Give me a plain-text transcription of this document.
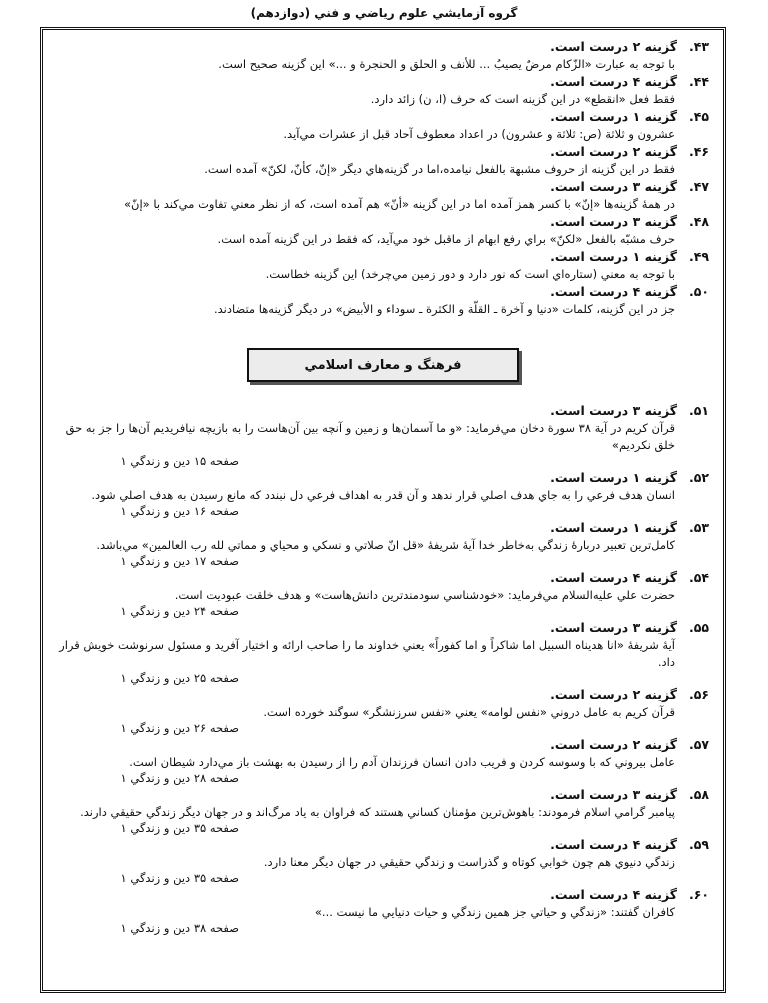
گروه آزمايشي علوم رياضي و فني (دوازدهم)
۴۳.گزينه ۲ درست است.
با توجه به عبارت «الزّكام مرضٌ يصيبُ ... للأنف و الحلق و الحنجرة و ...» اين گزينه صحيح است.
۴۴.گزينه ۴ درست است.
فقط فعل «انقطع» در اين گزينه است كه حرف (ا، ن) زائد دارد.
۴۵.گزينه ۱ درست است.
عشرون و ثلاثة (ص: ثلاثة و عشرون) در اعداد معطوف آحاد قبل از عشرات مي‌آيد.
۴۶.گزينه ۲ درست است.
فقط در اين گزينه از حروف مشبهة بالفعل نيامده،اما در گزينه‌هاي ديگر «إنّ، كأنّ، لكنّ» آمده است.
۴۷.گزينه ۳ درست است.
در همهٔ گزينه‌ها «إنّ» با كسر همز آمده اما در اين گزينه «أنّ» هم آمده است، كه از نظر معني تفاوت مي‌كند با «إنّ»
۴۸.گزينه ۳ درست است.
حرف مشبّه بالفعل «لكنّ» براي رفع ابهام از ماقبل خود مي‌آيد، كه فقط در اين گزينه آمده است.
۴۹.گزينه ۱ درست است.
با توجه به معني (ستاره‌اي است كه نور دارد و دور زمين مي‌چرخد) اين گزينه خطاست.
۵۰.گزينه ۴ درست است.
جز در اين گزينه، كلمات «دنيا و آخرة ـ القلّة و الكثرة ـ سوداء و الأبيض» در ديگر گزينه‌ها متضادند.
فرهنگ و معارف اسلامي
۵۱.گزينه ۳ درست است.
قرآن كريم در آية ۳۸ سورة دخان مي‌فرمايد: «و ما آسمان‌ها و زمين و آنچه بين آن‌هاست را به بازيچه نيافريديم آن‌ها را جز به حق خلق نكرديم»
صفحه ۱۵ دين و زندگي ۱
۵۲.گزينه ۱ درست است.
انسان هدف فرعي را به جاي هدف اصلي قرار ندهد و آن قدر به اهداف فرعي دل نبندد كه مانع رسيدن به هدف اصلي شود.
صفحه ۱۶ دين و زندگي ۱
۵۳.گزينه ۱ درست است.
كامل‌ترين تعبير دربارهٔ زندگي به‌خاطر خدا آيهٔ شريفهٔ «قل انّ صلاتي و نسكي و محياي و مماتي لله رب العالمين» مي‌باشد.
صفحه ۱۷ دين و زندگي ۱
۵۴.گزينه ۴ درست است.
حضرت علي عليه‌السلام مي‌فرمايد: «خودشناسي سودمندترين دانش‌هاست» و هدف خلقت عبوديت است.
صفحه ۲۴ دين و زندگي ۱
۵۵.گزينه ۳ درست است.
آيهٔ شريفهٔ «انا هديناه السبيل اما شاكراً و اما كفوراً» يعني خداوند ما را صاحب ارائه و اختيار آفريد و مسئول سرنوشت خويش قرار داد.
صفحه ۲۵ دين و زندگي ۱
۵۶.گزينه ۲ درست است.
قرآن كريم به عامل دروني «نفس لوامه» يعني «نفس سرزنشگر» سوگند خورده است.
صفحه ۲۶ دين و زندگي ۱
۵۷.گزينه ۲ درست است.
عامل بيروني كه با وسوسه كردن و فريب دادن انسان فرزندان آدم را از رسيدن به بهشت باز مي‌دارد شيطان است.
صفحه ۲۸ دين و زندگي ۱
۵۸.گزينه ۳ درست است.
پيامبر گرامي اسلام فرمودند: باهوش‌ترين مؤمنان كساني هستند كه فراوان به ياد مرگ‌اند و در جهان ديگر زندگي حقيقي دارند.
صفحه ۳۵ دين و زندگي ۱
۵۹.گزينه ۴ درست است.
زندگي دنيوي هم چون خوابي كوتاه و گذراست و زندگي حقيقي در جهان ديگر معنا دارد.
صفحه ۳۵ دين و زندگي ۱
۶۰.گزينه ۴ درست است.
كافران گفتند: «زندگي و حياتي جز همين زندگي و حيات دنيايي ما نيست ...»
صفحه ۳۸ دين و زندگي ۱
